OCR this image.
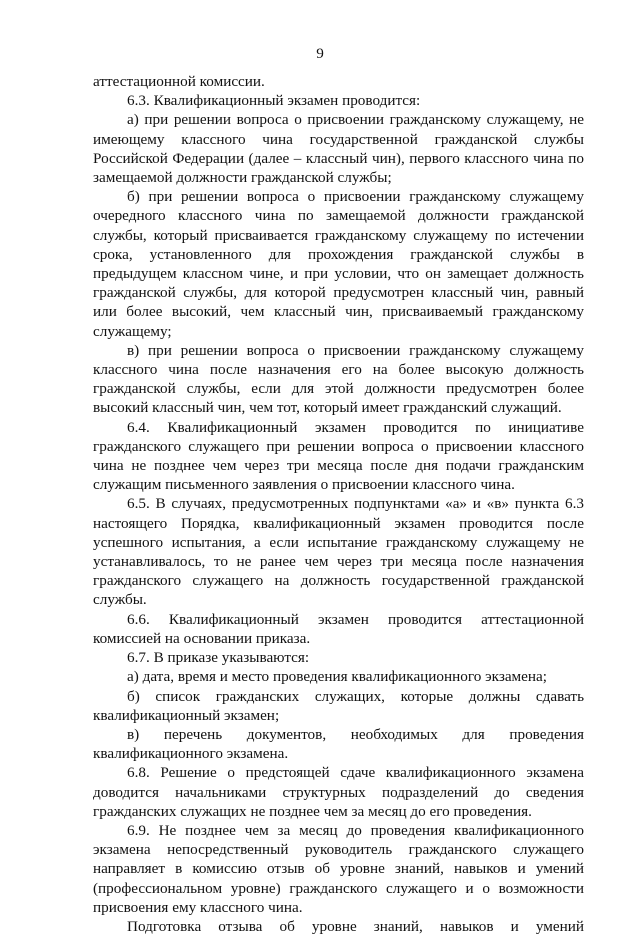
9

аттестационной комиссии.

6.3. Квалификационный экзамен проводится:

а) при решении вопроса о присвоении гражданскому служащему, не имеющему классного чина государственной гражданской службы Российской Федерации (далее – классный чин), первого классного чина по замещаемой должности гражданской службы;

б) при решении вопроса о присвоении гражданскому служащему очередного классного чина по замещаемой должности гражданской службы, который присваивается гражданскому служащему по истечении срока, установленного для прохождения гражданской службы в предыдущем классном чине, и при условии, что он замещает должность гражданской службы, для которой предусмотрен классный чин, равный или более высокий, чем классный чин, присваиваемый гражданскому служащему;

в) при решении вопроса о присвоении гражданскому служащему классного чина после назначения его на более высокую должность гражданской службы, если для этой должности предусмотрен более высокий классный чин, чем тот, который имеет гражданский служащий.

6.4. Квалификационный экзамен проводится по инициативе гражданского служащего при решении вопроса о присвоении классного чина не позднее чем через три месяца после дня подачи гражданским служащим письменного заявления о присвоении классного чина.

6.5. В случаях, предусмотренных подпунктами «а» и «в» пункта 6.3 настоящего Порядка, квалификационный экзамен проводится после успешного испытания, а если испытание гражданскому служащему не устанавливалось, то не ранее чем через три месяца после назначения гражданского служащего на должность государственной гражданской службы.

6.6. Квалификационный экзамен проводится аттестационной комиссией на основании приказа.

6.7. В приказе указываются:

а) дата, время и место проведения квалификационного экзамена;

б) список гражданских служащих, которые должны сдавать квалификационный экзамен;

в) перечень документов, необходимых для проведения квалификационного экзамена.

6.8. Решение о предстоящей сдаче квалификационного экзамена доводится начальниками структурных подразделений до сведения гражданских служащих не позднее чем за месяц до его проведения.

6.9. Не позднее чем за месяц до проведения квалификационного экзамена непосредственный руководитель гражданского служащего направляет в комиссию отзыв об уровне знаний, навыков и умений (профессиональном уровне) гражданского служащего и о возможности присвоения ему классного чина.

Подготовка отзыва об уровне знаний, навыков и умений
